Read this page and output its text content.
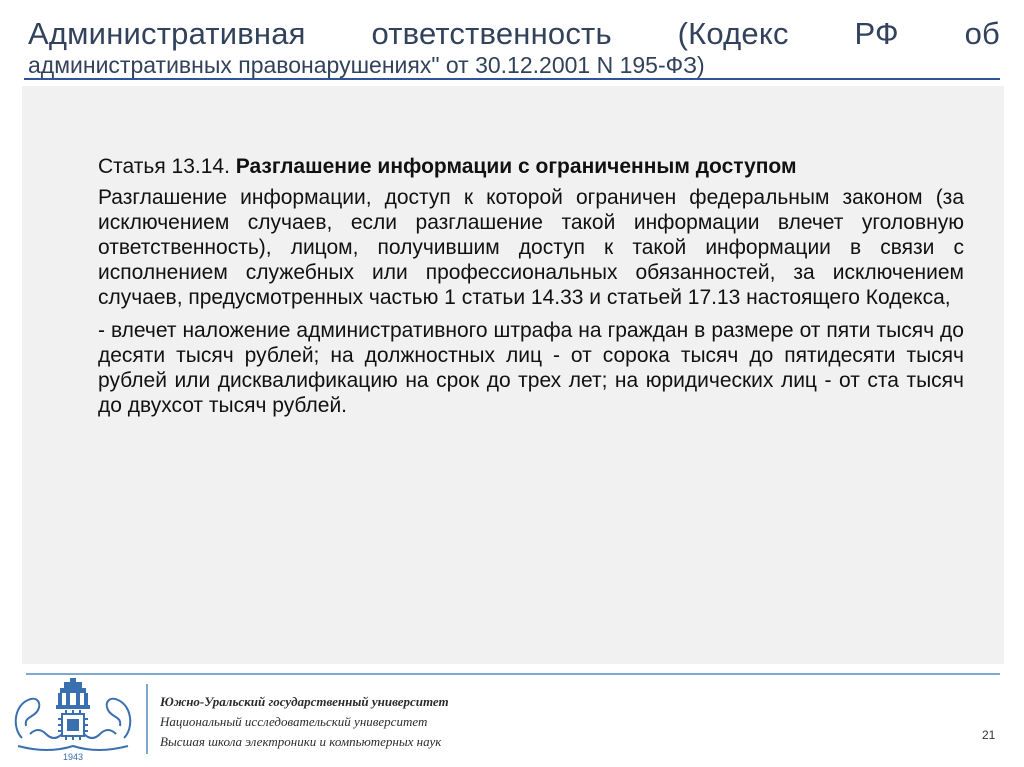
Административная ответственность (Кодекс РФ об
административных правонарушениях" от 30.12.2001 N 195-ФЗ)

Статья 13.14. Разглашение информации с ограниченным доступом

Разглашение информации, доступ к которой ограничен федеральным законом (за исключением случаев, если разглашение такой информации влечет уголовную ответственность), лицом, получившим доступ к такой информации в связи с исполнением служебных или профессиональных обязанностей, за исключением случаев, предусмотренных частью 1 статьи 14.33 и статьей 17.13 настоящего Кодекса,

- влечет наложение административного штрафа на граждан в размере от пяти тысяч до десяти тысяч рублей; на должностных лиц - от сорока тысяч до пятидесяти тысяч рублей или дисквалификацию на срок до трех лет; на юридических лиц - от ста тысяч до двухсот тысяч рублей.

1943
Южно-Уральский государственный университет
Национальный исследовательский университет
Высшая школа электроники и компьютерных наук	21
